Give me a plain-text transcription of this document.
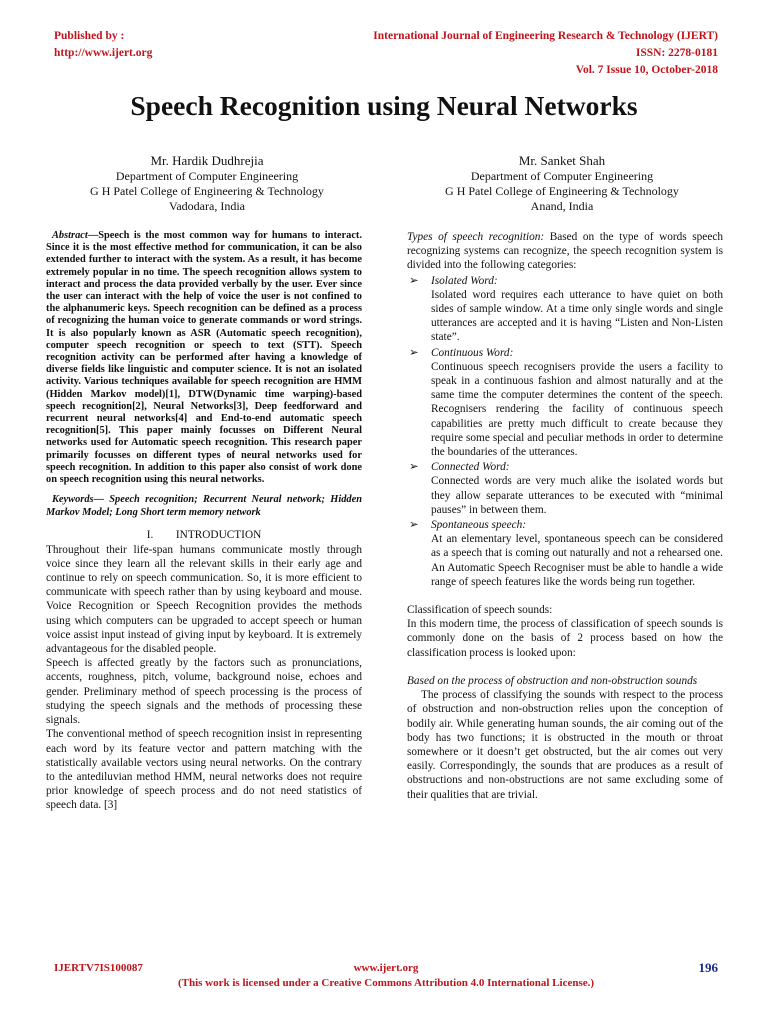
Published by :
http://www.ijert.org
International Journal of Engineering Research & Technology (IJERT)
ISSN: 2278-0181
Vol. 7 Issue 10, October-2018
Speech Recognition using Neural Networks
Mr. Hardik Dudhrejia
Department of Computer Engineering
G H Patel College of Engineering & Technology
Vadodara, India
Mr. Sanket Shah
Department of Computer Engineering
G H Patel College of Engineering & Technology
Anand, India

Abstract—Speech is the most common way for humans to interact. Since it is the most effective method for communication, it can be also extended further to interact with the system. As a result, it has become extremely popular in no time. The speech recognition allows system to interact and process the data provided verbally by the user. Ever since the user can interact with the help of voice the user is not confined to the alphanumeric keys. Speech recognition can be defined as a process of recognizing the human voice to generate commands or word strings. It is also popularly known as ASR (Automatic speech recognition), computer speech recognition or speech to text (STT). Speech recognition activity can be performed after having a knowledge of diverse fields like linguistic and computer science. It is not an isolated activity. Various techniques available for speech recognition are HMM (Hidden Markov model)[1], DTW(Dynamic time warping)-based speech recognition[2], Neural Networks[3], Deep feedforward and recurrent neural networks[4] and End-to-end automatic speech recognition[5]. This paper mainly focusses on Different Neural networks used for Automatic speech recognition. This research paper primarily focusses on different types of neural networks used for speech recognition. In addition to this paper also consist of work done on speech recognition using this neural networks.

Keywords— Speech recognition; Recurrent Neural network; Hidden Markov Model; Long Short term memory network

I.        INTRODUCTION

Throughout their life-span humans communicate mostly through voice since they learn all the relevant skills in their early age and continue to rely on speech communication. So, it is more efficient to communicate with speech rather than by using keyboard and mouse. Voice Recognition or Speech Recognition provides the methods using which computers can be upgraded to accept speech or human voice assist input instead of giving input by keyboard. It is extremely advantageous for the disabled people.

Speech is affected greatly by the factors such as pronunciations, accents, roughness, pitch, volume, background noise, echoes and gender. Preliminary method of speech processing is the process of studying the speech signals and the methods of processing these signals.

The conventional method of speech recognition insist in representing each word by its feature vector and pattern matching with the statistically available vectors using neural networks. On the contrary to the antediluvian method HMM, neural networks does not require prior knowledge of speech process and do not need statistics of speech data. [3]

Types of speech recognition: Based on the type of words speech recognizing systems can recognize, the speech recognition system is divided into the following categories:

➢ Isolated Word:

Isolated word requires each utterance to have quiet on both sides of sample window. At a time only single words and single utterances are accepted and it is having “Listen and Non-Listen state”.

➢ Continuous Word:

Continuous speech recognisers provide the users a facility to speak in a continuous fashion and almost naturally and at the same time the computer determines the content of the speech. Recognisers rendering the facility of continuous speech capabilities are pretty much difficult to create because they require some special and peculiar methods in order to determine the boundaries of the utterances.

➢ Connected Word:

Connected words are very much alike the isolated words but they allow separate utterances to be executed with “minimal pauses” in between them.

➢ Spontaneous speech:

At an elementary level, spontaneous speech can be considered as a speech that is coming out naturally and not a rehearsed one. An Automatic Speech Recogniser must be able to handle a wide range of speech features like the words being run together.

Classification of speech sounds:

In this modern time, the process of classification of speech sounds is commonly done on the basis of 2 process based on how the classification process is looked upon:

Based on the process of obstruction and non-obstruction sounds

The process of classifying the sounds with respect to the process of obstruction and non-obstruction relies upon the conception of bodily air. While generating human sounds, the air coming out of the body has two functions; it is obstructed in the mouth or throat somewhere or it doesn’t get obstructed, but the air comes out very easily. Correspondingly, the sounds that are produces as a result of obstructions and non-obstructions are not same excluding some of their qualities that are trivial.

IJERTV7IS100087	www.ijert.org	196
(This work is licensed under a Creative Commons Attribution 4.0 International License.)
